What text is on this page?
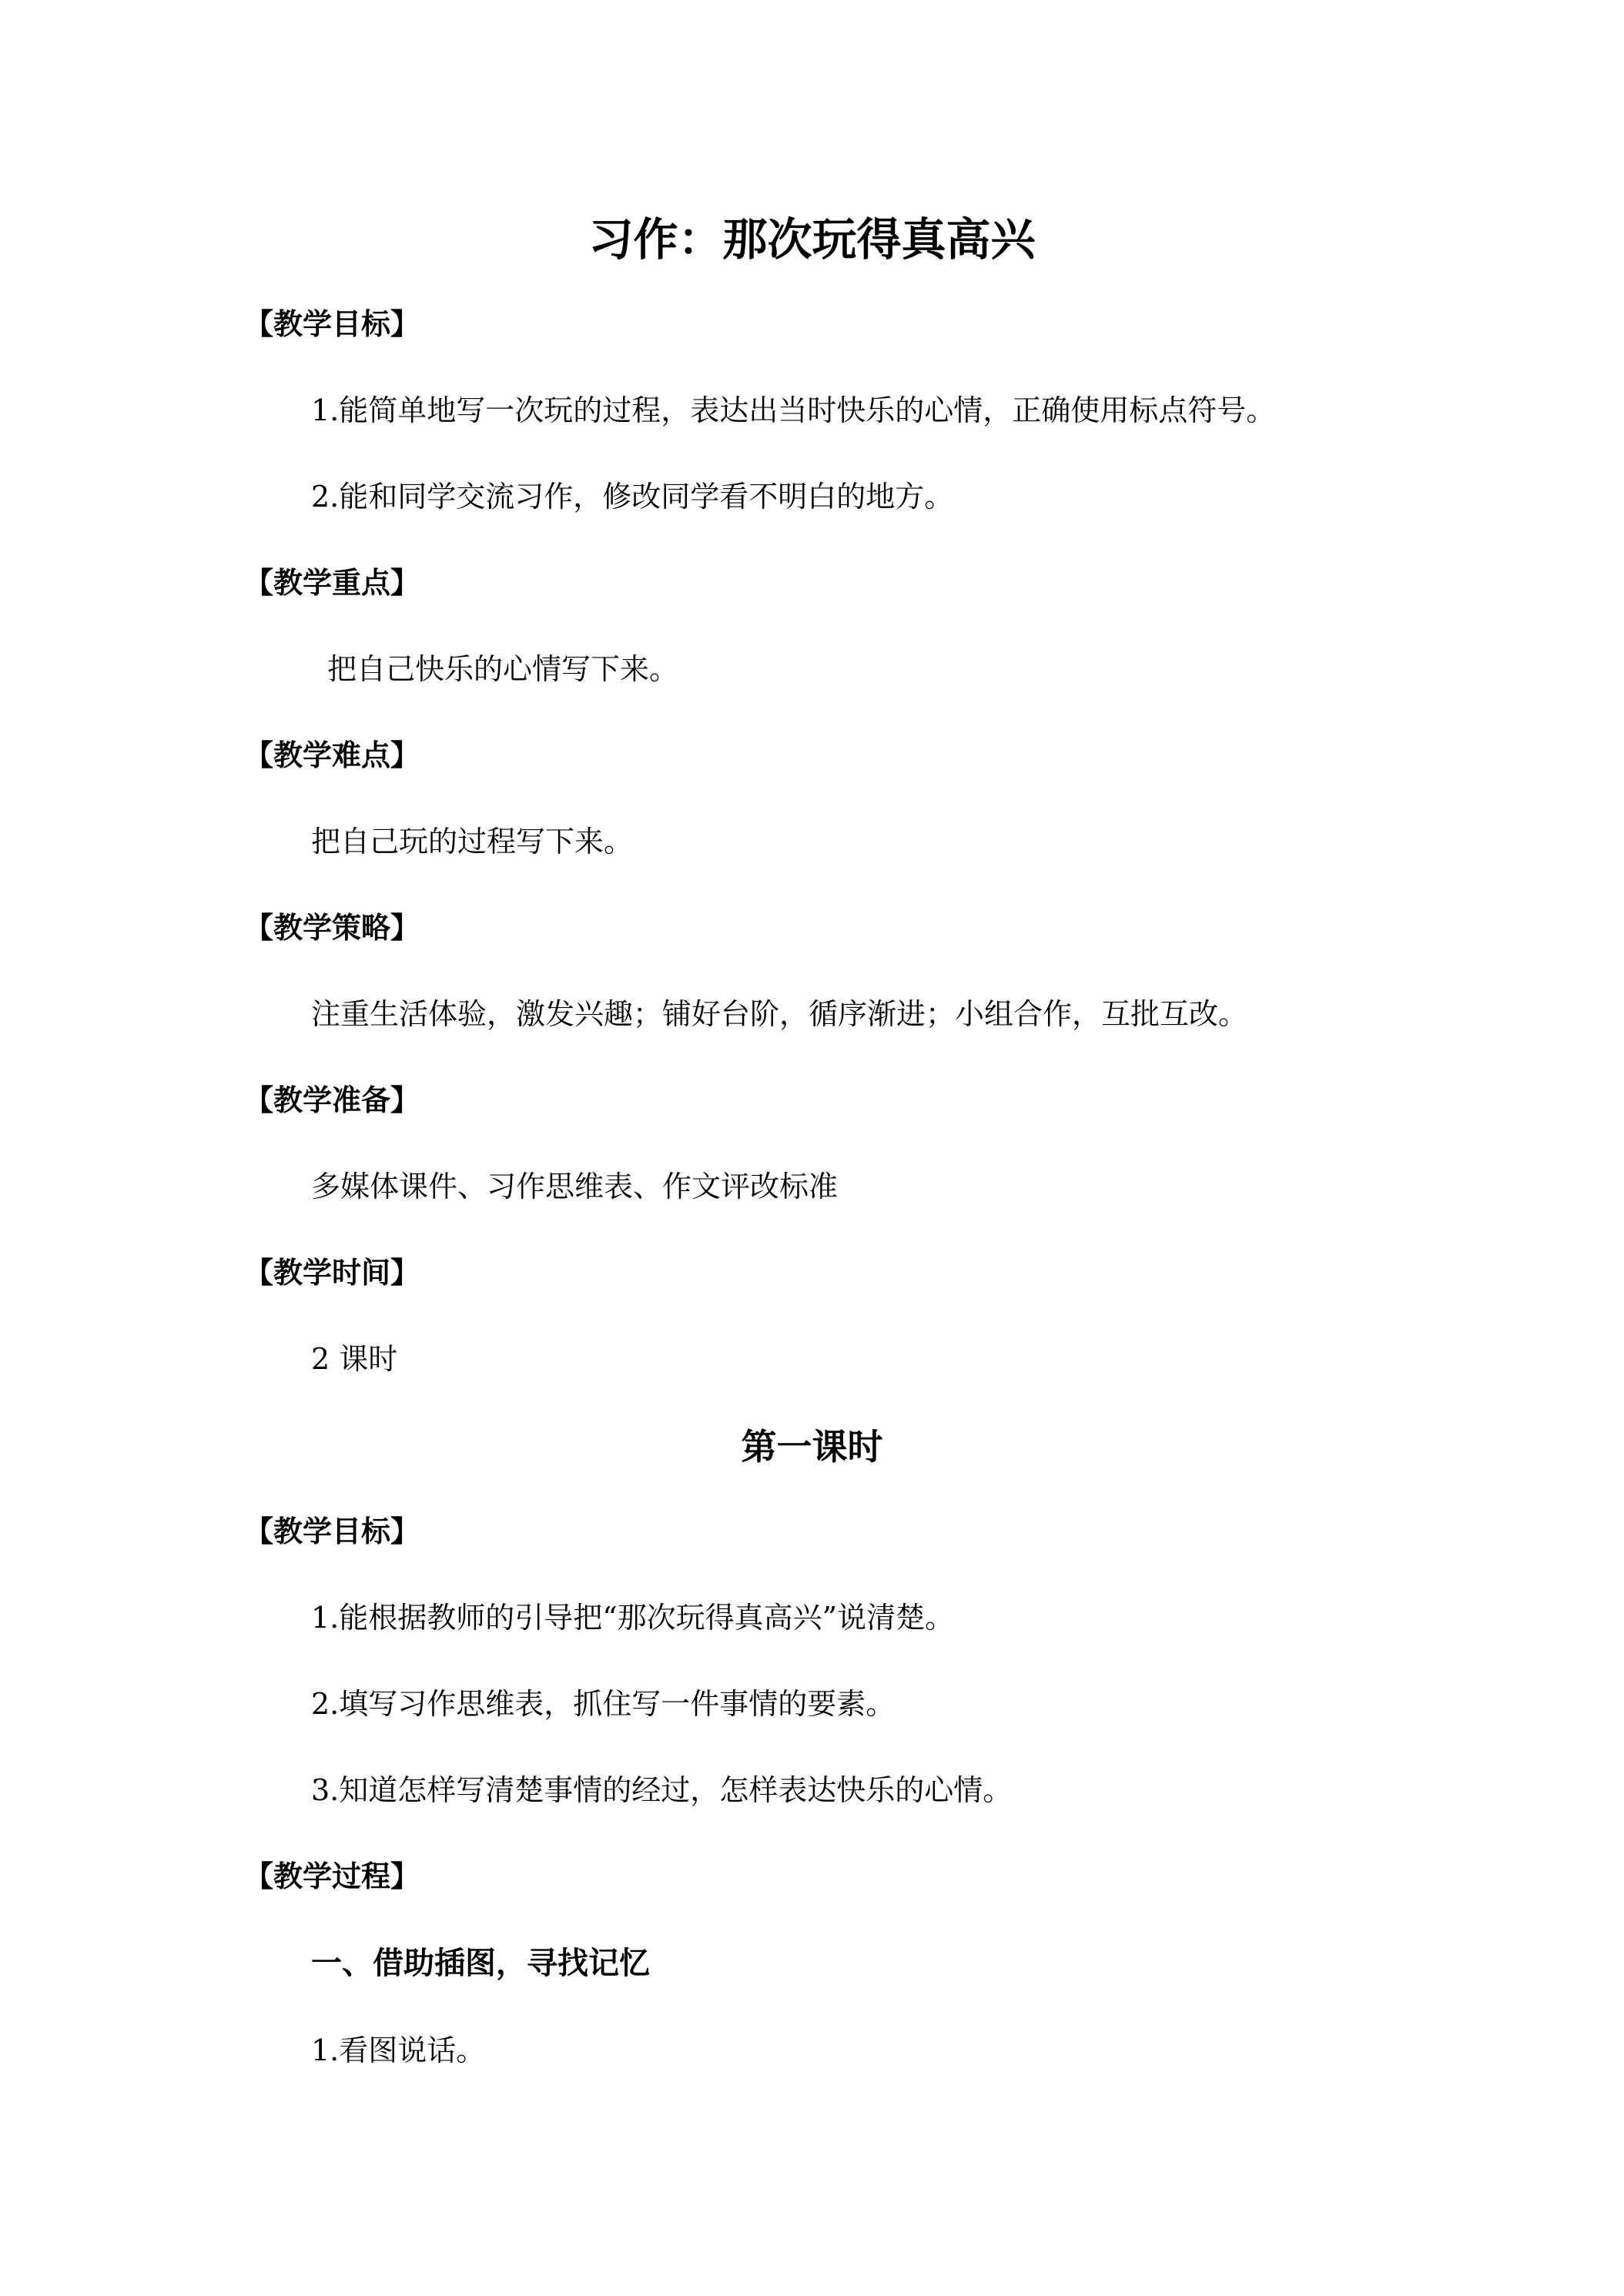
习作：那次玩得真高兴
【教学目标】
1.能简单地写一次玩的过程，表达出当时快乐的心情，正确使用标点符号。
2.能和同学交流习作，修改同学看不明白的地方。
【教学重点】
把自己快乐的心情写下来。
【教学难点】
把自己玩的过程写下来。
【教学策略】
注重生活体验，激发兴趣；铺好台阶，循序渐进；小组合作，互批互改。
【教学准备】
多媒体课件、习作思维表、作文评改标准
【教学时间】
2 课时
第一课时
【教学目标】
1.能根据教师的引导把“那次玩得真高兴”说清楚。
2.填写习作思维表，抓住写一件事情的要素。
3.知道怎样写清楚事情的经过，怎样表达快乐的心情。
【教学过程】
一、借助插图，寻找记忆
1.看图说话。
